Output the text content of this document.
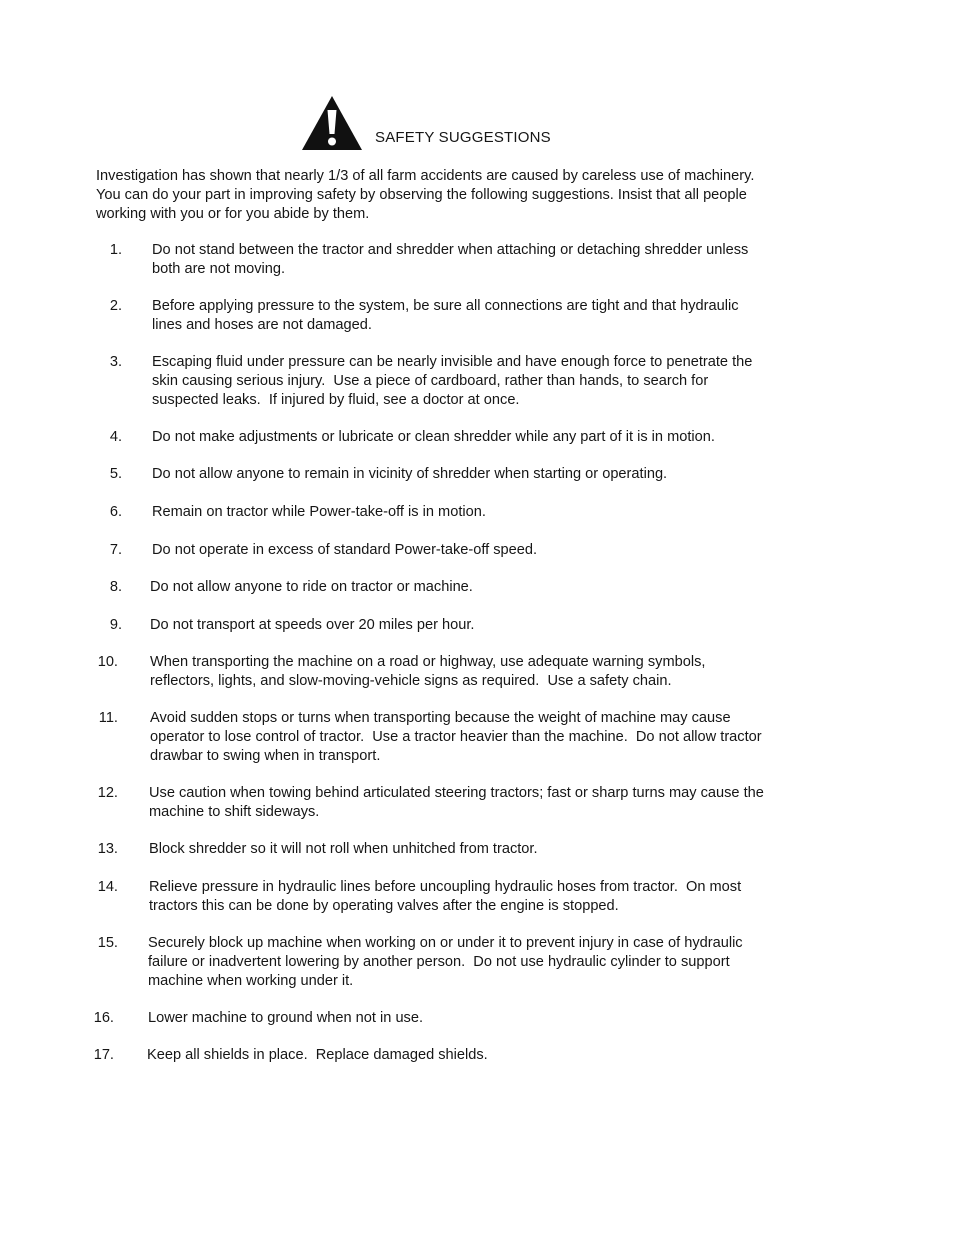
SAFETY SUGGESTIONS

Investigation has shown that nearly 1/3 of all farm accidents are caused by careless use of machinery.

You can do your part in improving safety by observing the following suggestions. Insist that all people

working with you or for you abide by them.

1. Do not stand between the tractor and shredder when attaching or detaching shredder unless
both are not moving.
2. Before applying pressure to the system, be sure all connections are tight and that hydraulic
lines and hoses are not damaged.
3. Escaping fluid under pressure can be nearly invisible and have enough force to penetrate the
skin causing serious injury.  Use a piece of cardboard, rather than hands, to search for
suspected leaks.  If injured by fluid, see a doctor at once.
4. Do not make adjustments or lubricate or clean shredder while any part of it is in motion.
5. Do not allow anyone to remain in vicinity of shredder when starting or operating.
6. Remain on tractor while Power-take-off is in motion.
7. Do not operate in excess of standard Power-take-off speed.
8. Do not allow anyone to ride on tractor or machine.
9. Do not transport at speeds over 20 miles per hour.
10. When transporting the machine on a road or highway, use adequate warning symbols,
reflectors, lights, and slow-moving-vehicle signs as required.  Use a safety chain.
11. Avoid sudden stops or turns when transporting because the weight of machine may cause
operator to lose control of tractor.  Use a tractor heavier than the machine.  Do not allow tractor
drawbar to swing when in transport.
12. Use caution when towing behind articulated steering tractors; fast or sharp turns may cause the
machine to shift sideways.
13. Block shredder so it will not roll when unhitched from tractor.
14. Relieve pressure in hydraulic lines before uncoupling hydraulic hoses from tractor.  On most
tractors this can be done by operating valves after the engine is stopped.
15. Securely block up machine when working on or under it to prevent injury in case of hydraulic
failure or inadvertent lowering by another person.  Do not use hydraulic cylinder to support
machine when working under it.
16. Lower machine to ground when not in use.
17. Keep all shields in place.  Replace damaged shields.
